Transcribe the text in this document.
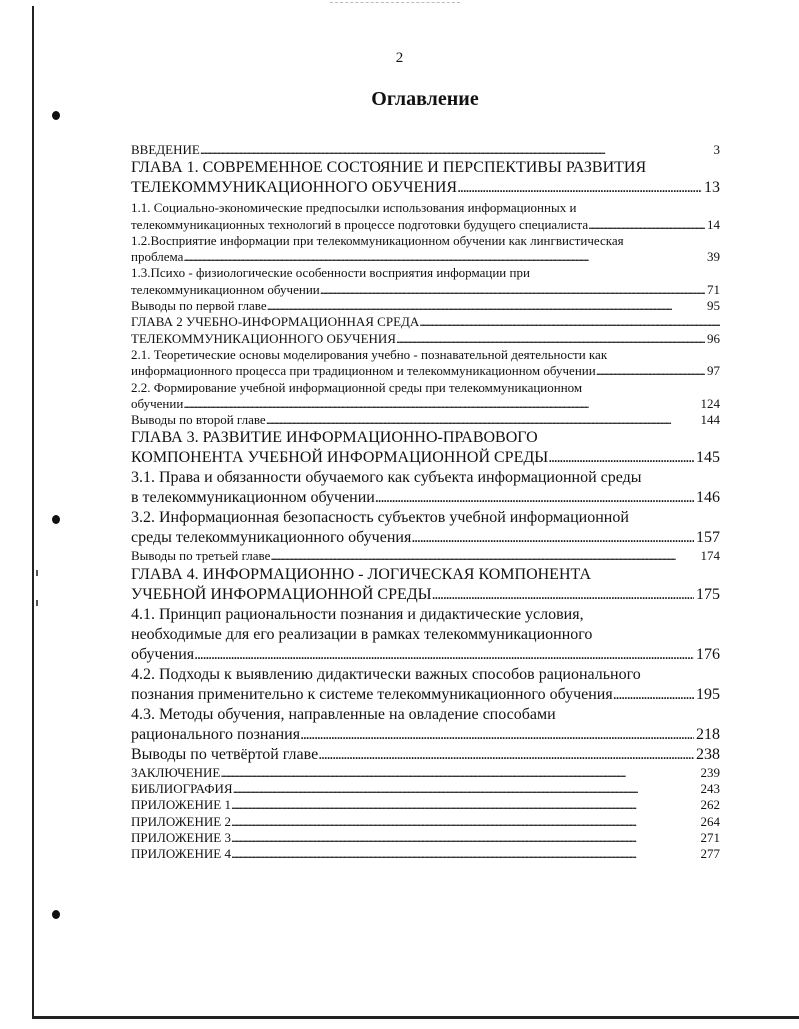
2
Оглавление
ВВЕДЕНИЕ . . .	3
ГЛАВА 1. СОВРЕМЕННОЕ СОСТОЯНИЕ И ПЕРСПЕКТИВЫ РАЗВИТИЯ
ТЕЛЕКОММУНИКАЦИОННОГО ОБУЧЕНИЯ . . .	13
1.1. Социально-экономические предпосылки использования информационных и
телекоммуникационных технологий в процессе подготовки будущего специалиста . . .	14
1.2.Восприятие информации при телекоммуникационном обучении как лингвистическая
проблема . . .	39
1.3.Психо - физиологические особенности восприятия информации при
телекоммуникационном обучении . . .	71
Выводы по первой главе . . .	95
ГЛАВА 2 УЧЕБНО-ИНФОРМАЦИОННАЯ СРЕДА
. . .
ТЕЛЕКОММУНИКАЦИОННОГО ОБУЧЕНИЯ . . .	96
2.1. Теоретические основы моделирования учебно - познавательной деятельности как
информационного процесса при традиционном и телекоммуникационном обучении . . .	97
2.2. Формирование учебной информационной среды при телекоммуникационном
обучении . . .	124
Выводы по второй главе . . .	144
ГЛАВА 3. РАЗВИТИЕ ИНФОРМАЦИОННО-ПРАВОВОГО
КОМПОНЕНТА УЧЕБНОЙ ИНФОРМАЦИОННОЙ СРЕДЫ . . .	145
3.1. Права и обязанности обучаемого как субъекта информационной среды
в телекоммуникационном обучении . . .	146
3.2. Информационная безопасность субъектов учебной информационной
среды телекоммуникационного обучения . . .	157
Выводы по третьей главе . . .	174
ГЛАВА 4. ИНФОРМАЦИОННО - ЛОГИЧЕСКАЯ КОМПОНЕНТА
УЧЕБНОЙ ИНФОРМАЦИОННОЙ СРЕДЫ . . .	175
4.1. Принцип рациональности познания и дидактические условия,
необходимые для его реализации в рамках телекоммуникационного
обучения . . .	176
4.2. Подходы к выявлению дидактически важных способов рационального
познания применительно к системе телекоммуникационного обучения . . .	195
4.3. Методы обучения, направленные на овладение способами
рационального познания . . .	218
Выводы по четвёртой главе . . .	238
ЗАКЛЮЧЕНИЕ . . .	239
БИБЛИОГРАФИЯ . . .	243
ПРИЛОЖЕНИЕ 1 . . .	262
ПРИЛОЖЕНИЕ 2 . . .	264
ПРИЛОЖЕНИЕ 3 . . .	271
ПРИЛОЖЕНИЕ 4 . . .	277
